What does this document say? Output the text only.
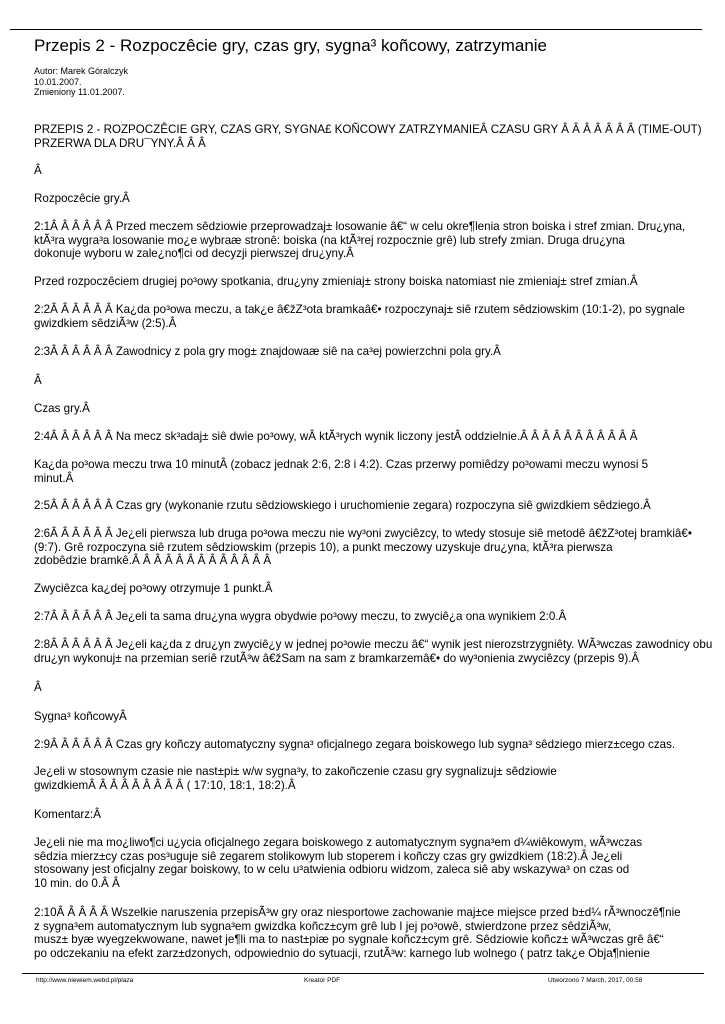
Przepis 2 - Rozpoczêcie gry, czas gry, sygna³ koñcowy, zatrzymanie
Autor: Marek Góralczyk
10.01.2007.
Zmieniony 11.01.2007.
PRZEPIS 2 - ROZPOCZÊCIE GRY, CZAS GRY, SYGNA£ KOÑCOWY ZATRZYMANIEÂ CZASU GRY Â Â Â Â Â Â Â (TIME-OUT)
PRZERWA DLA DRU¯YNY.Â Â Â
Â
Rozpoczêcie gry.Â
2:1Â Â Â Â Â Â Przed meczem sêdziowie przeprowadzaj± losowanie â€“ w celu okre¶lenia stron boiska i stref zmian. Dru¿yna,
ktÃ³ra wygra³a losowanie mo¿e wybraæ stronê: boiska (na ktÃ³rej rozpocznie grê) lub strefy zmian. Druga dru¿yna
dokonuje wyboru w zale¿no¶ci od decyzji pierwszej dru¿yny.Â
Przed rozpoczêciem drugiej po³owy spotkania, dru¿yny zmieniaj± strony boiska natomiast nie zmieniaj± stref zmian.Â
2:2Â Â Â Â Â Â Ka¿da po³owa meczu, a tak¿e â€žZ³ota bramkaâ€• rozpoczynaj± siê rzutem sêdziowskim (10:1-2), po sygnale
gwizdkiem sêdziÃ³w (2:5).Â
2:3Â Â Â Â Â Â Zawodnicy z pola gry mog± znajdowaæ siê na ca³ej powierzchni pola gry.Â
Â
Czas gry.Â
2:4Â Â Â Â Â Â Na mecz sk³adaj± siê dwie po³owy, wÂ ktÃ³rych wynik liczony jestÂ oddzielnie.Â Â Â Â Â Â Â Â Â Â Â
Ka¿da po³owa meczu trwa 10 minutÂ (zobacz jednak 2:6, 2:8 i 4:2). Czas przerwy pomiêdzy po³owami meczu wynosi 5
minut.Â
2:5Â Â Â Â Â Â Czas gry (wykonanie rzutu sêdziowskiego i uruchomienie zegara) rozpoczyna siê gwizdkiem sêdziego.Â
2:6Â Â Â Â Â Â Je¿eli pierwsza lub druga po³owa meczu nie wy³oni zwyciêzcy, to wtedy stosuje siê metodê â€žZ³otej bramkiâ€•
(9:7). Grê rozpoczyna siê rzutem sêdziowskim (przepis 10), a punkt meczowy uzyskuje dru¿yna, ktÃ³ra pierwsza
zdobêdzie bramkê.Â Â Â Â Â Â Â Â Â Â Â Â Â
Zwyciêzca ka¿dej po³owy otrzymuje 1 punkt.Â
2:7Â Â Â Â Â Â Je¿eli ta sama dru¿yna wygra obydwie po³owy meczu, to zwyciê¿a ona wynikiem 2:0.Â
2:8Â Â Â Â Â Â Je¿eli ka¿da z dru¿yn zwyciê¿y w jednej po³owie meczu â€“ wynik jest nierozstrzygniêty. WÃ³wczas zawodnicy obu
dru¿yn wykonuj± na przemian seriê rzutÃ³w â€žSam na sam z bramkarzemâ€• do wy³onienia zwyciêzcy (przepis 9).Â
Â
Sygna³ koñcowyÂ
2:9Â Â Â Â Â Â Czas gry koñczy automatyczny sygna³ oficjalnego zegara boiskowego lub sygna³ sêdziego mierz±cego czas.
Je¿eli w stosownym czasie nie nast±pi± w/w sygna³y, to zakoñczenie czasu gry sygnalizuj± sêdziowie
gwizdkiemÂ Â Â Â Â Â Â Â Â ( 17:10, 18:1, 18:2).Â
Komentarz:Â
Je¿eli nie ma mo¿liwo¶ci u¿ycia oficjalnego zegara boiskowego z automatycznym sygna³em d¼wiêkowym, wÃ³wczas
sêdzia mierz±cy czas pos³uguje siê zegarem stolikowym lub stoperem i koñczy czas gry gwizdkiem (18:2).Â Je¿eli
stosowany jest oficjalny zegar boiskowy, to w celu u³atwienia odbioru widzom, zaleca siê aby wskazywa³ on czas od
10 min. do 0.Â Â
2:10Â Â Â Â Â Wszelkie naruszenia przepisÃ³w gry oraz niesportowe zachowanie maj±ce miejsce przed b±d¼ rÃ³wnoczê¶nie
z sygna³em automatycznym lub sygna³em gwizdka koñcz±cym grê lub I jej po³owê, stwierdzone przez sêdziÃ³w,
musz± byæ wyegzekwowane, nawet je¶li ma to nast±piæ po sygnale koñcz±cym grê. Sêdziowie koñcz± wÃ³wczas grê â€“
po odczekaniu na efekt zarz±dzonych, odpowiednio do sytuacji, rzutÃ³w: karnego lub wolnego ( patrz tak¿e Obja¶nienie
http://www.niewiem.webd.pl/plaza	Kreator PDF	Utworzono 7 March, 2017, 00:58
